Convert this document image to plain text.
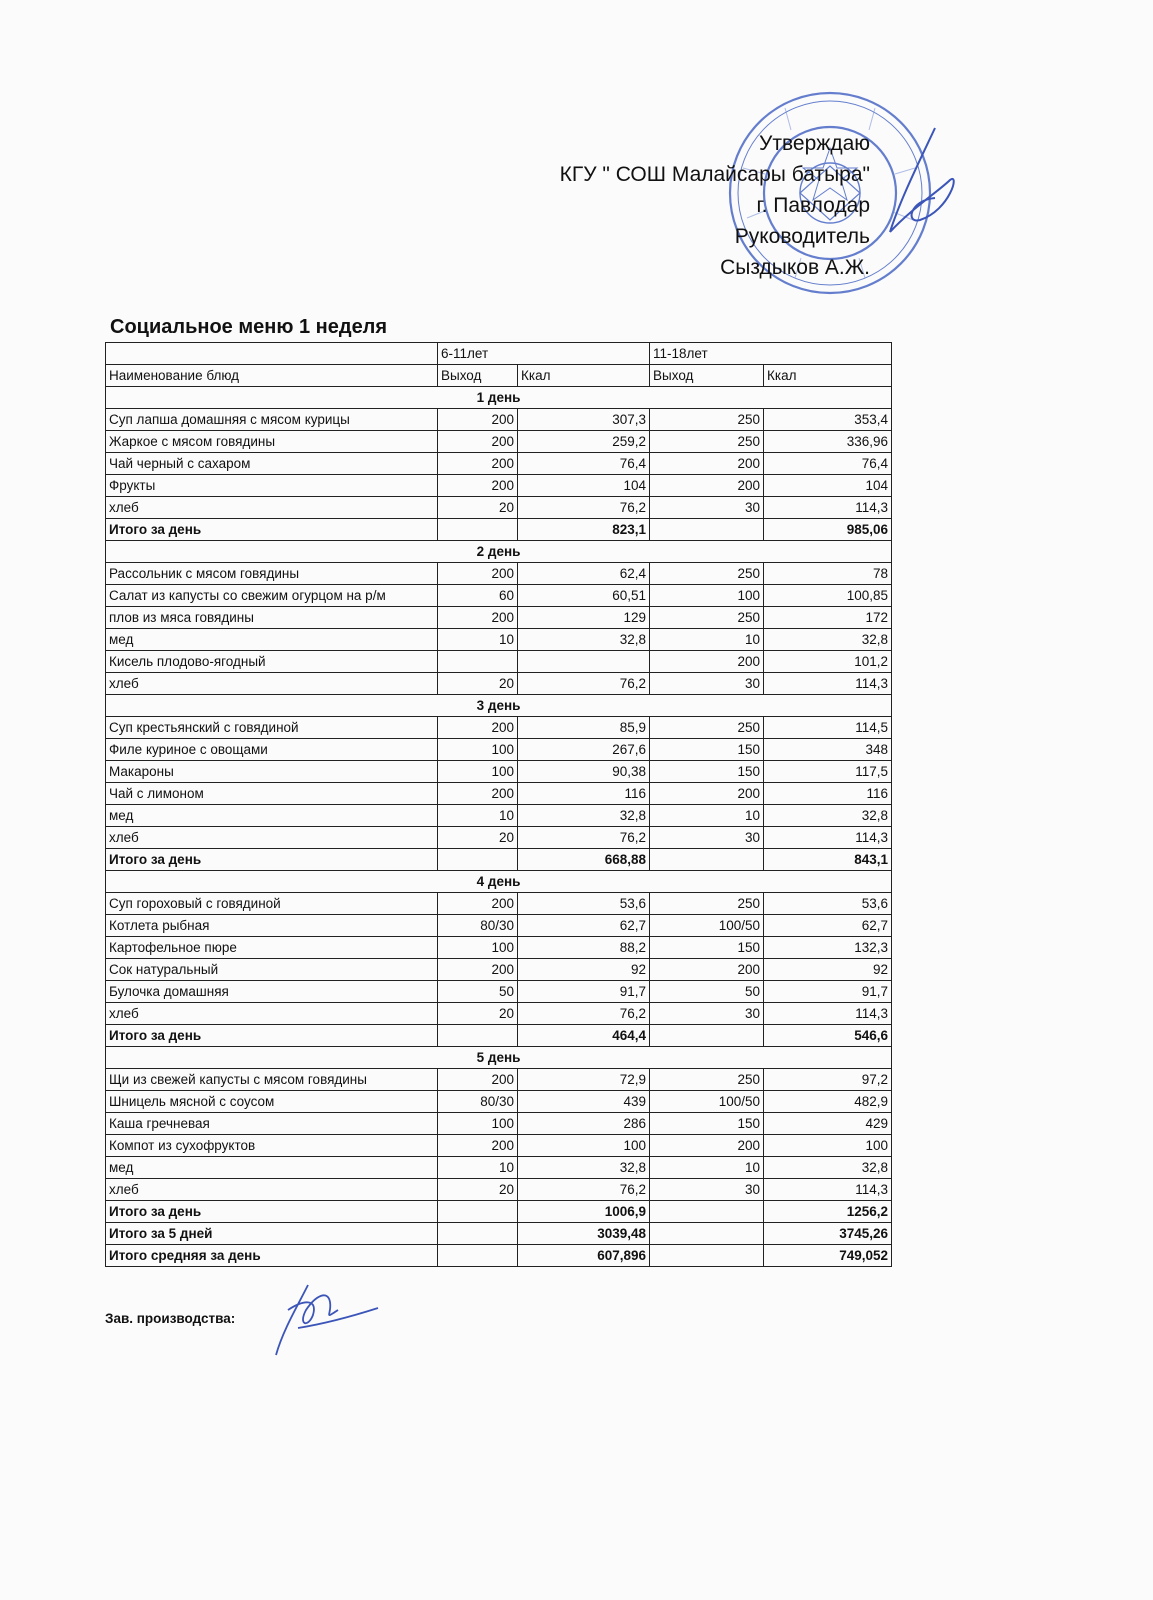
Утверждаю
КГУ " СОШ Малайсары батыра"
г. Павлодар
Руководитель
Сыздыков А.Ж.
Социальное меню 1 неделя
	6-11лет		11-18лет	
Наименование блюд	Выход	Ккал	Выход	Ккал
1 день				
Суп лапша домашняя с мясом курицы	200	307,3	250	353,4
Жаркое с мясом говядины	200	259,2	250	336,96
Чай черный с сахаром	200	76,4	200	76,4
Фрукты	200	104	200	104
хлеб	20	76,2	30	114,3
Итого за день		823,1		985,06
2 день				
Рассольник с мясом говядины	200	62,4	250	78
Салат из капусты со свежим огурцом на р/м	60	60,51	100	100,85
плов из мяса говядины	200	129	250	172
мед	10	32,8	10	32,8
Кисель плодово-ягодный			200	101,2
хлеб	20	76,2	30	114,3
3 день				
Суп крестьянский с говядиной	200	85,9	250	114,5
Филе куриное с овощами	100	267,6	150	348
Макароны	100	90,38	150	117,5
Чай с лимоном	200	116	200	116
мед	10	32,8	10	32,8
хлеб	20	76,2	30	114,3
Итого за день		668,88		843,1
4 день				
Суп гороховый с говядиной	200	53,6	250	53,6
Котлета рыбная	80/30	62,7	100/50	62,7
Картофельное пюре	100	88,2	150	132,3
Сок натуральный	200	92	200	92
Булочка домашняя	50	91,7	50	91,7
хлеб	20	76,2	30	114,3
Итого за день		464,4		546,6
5 день				
Щи из свежей капусты с мясом говядины	200	72,9	250	97,2
Шницель мясной с соусом	80/30	439	100/50	482,9
Каша гречневая	100	286	150	429
Компот из сухофруктов	200	100	200	100
мед	10	32,8	10	32,8
хлеб	20	76,2	30	114,3
Итого за день		1006,9		1256,2
Итого за 5 дней		3039,48		3745,26
Итого средняя за день		607,896		749,052
Зав. производства:
